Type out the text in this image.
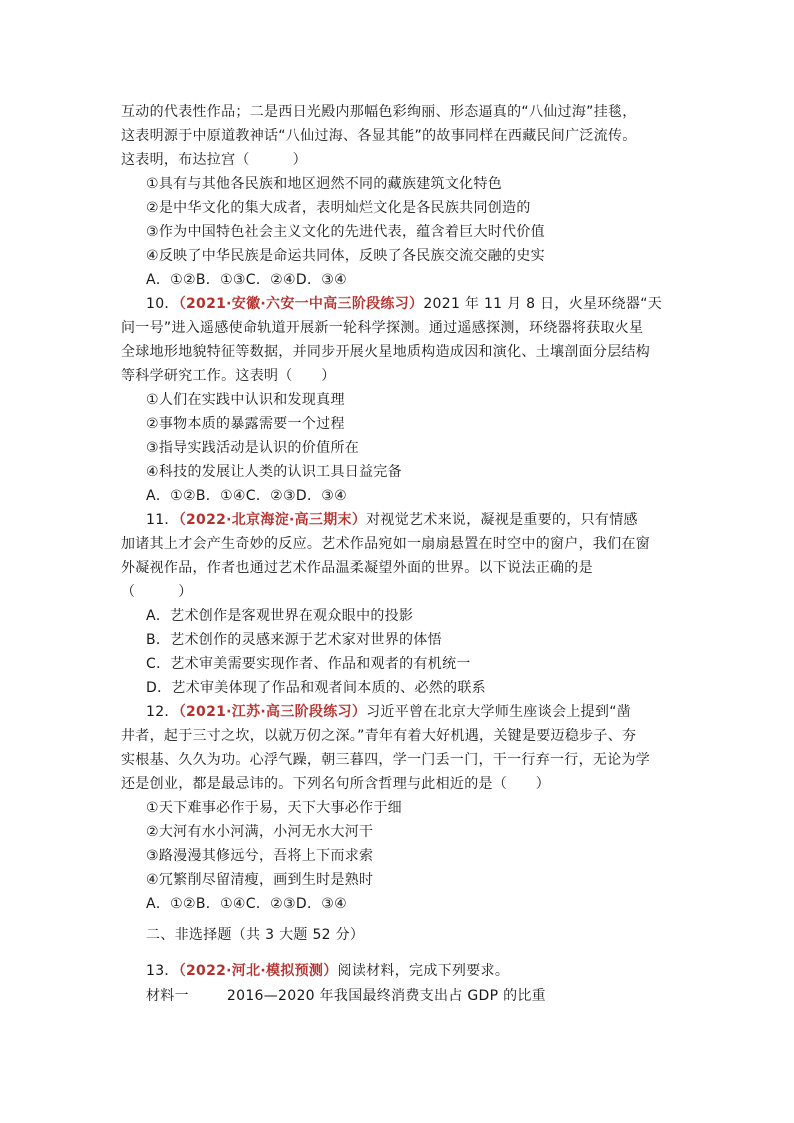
互动的代表性作品；二是西日光殿内那幅色彩绚丽、形态逼真的“八仙过海”挂毯，
这表明源于中原道教神话“八仙过海、各显其能”的故事同样在西藏民间广泛流传。
这表明，布达拉宫（　　　）
①具有与其他各民族和地区迥然不同的藏族建筑文化特色
②是中华文化的集大成者，表明灿烂文化是各民族共同创造的
③作为中国特色社会主义文化的先进代表，蕴含着巨大时代价值
④反映了中华民族是命运共同体，反映了各民族交流交融的史实
A．①②B．①③C．②④D．③④
10．（2021·安徽·六安一中高三阶段练习）2021 年 11 月 8 日，火星环绕器“天
问一号”进入遥感使命轨道开展新一轮科学探测。通过遥感探测，环绕器将获取火星
全球地形地貌特征等数据，并同步开展火星地质构造成因和演化、土壤剖面分层结构
等科学研究工作。这表明（　　）
①人们在实践中认识和发现真理
②事物本质的暴露需要一个过程
③指导实践活动是认识的价值所在
④科技的发展让人类的认识工具日益完备
A．①②B．①④C．②③D．③④
11．（2022·北京海淀·高三期末）对视觉艺术来说，凝视是重要的，只有情感
加诸其上才会产生奇妙的反应。艺术作品宛如一扇扇悬置在时空中的窗户，我们在窗
外凝视作品，作者也通过艺术作品温柔凝望外面的世界。以下说法正确的是
（　　　）
A．艺术创作是客观世界在观众眼中的投影
B．艺术创作的灵感来源于艺术家对世界的体悟
C．艺术审美需要实现作者、作品和观者的有机统一
D．艺术审美体现了作品和观者间本质的、必然的联系
12．（2021·江苏·高三阶段练习）习近平曾在北京大学师生座谈会上提到“凿
井者，起于三寸之坎，以就万仞之深。”青年有着大好机遇，关键是要迈稳步子、夯
实根基、久久为功。心浮气躁，朝三暮四，学一门丢一门，干一行弃一行，无论为学
还是创业，都是最忌讳的。下列名句所含哲理与此相近的是（　　）
①天下难事必作于易，天下大事必作于细
②大河有水小河满，小河无水大河干
③路漫漫其修远兮，吾将上下而求索
④冗繁削尽留清瘦，画到生时是熟时
A．①②B．①④C．②③D．③④
二、非选择题（共 3 大题 52 分）
13．（2022·河北·模拟预测）阅读材料，完成下列要求。
材料一	2016—2020 年我国最终消费支出占 GDP 的比重
